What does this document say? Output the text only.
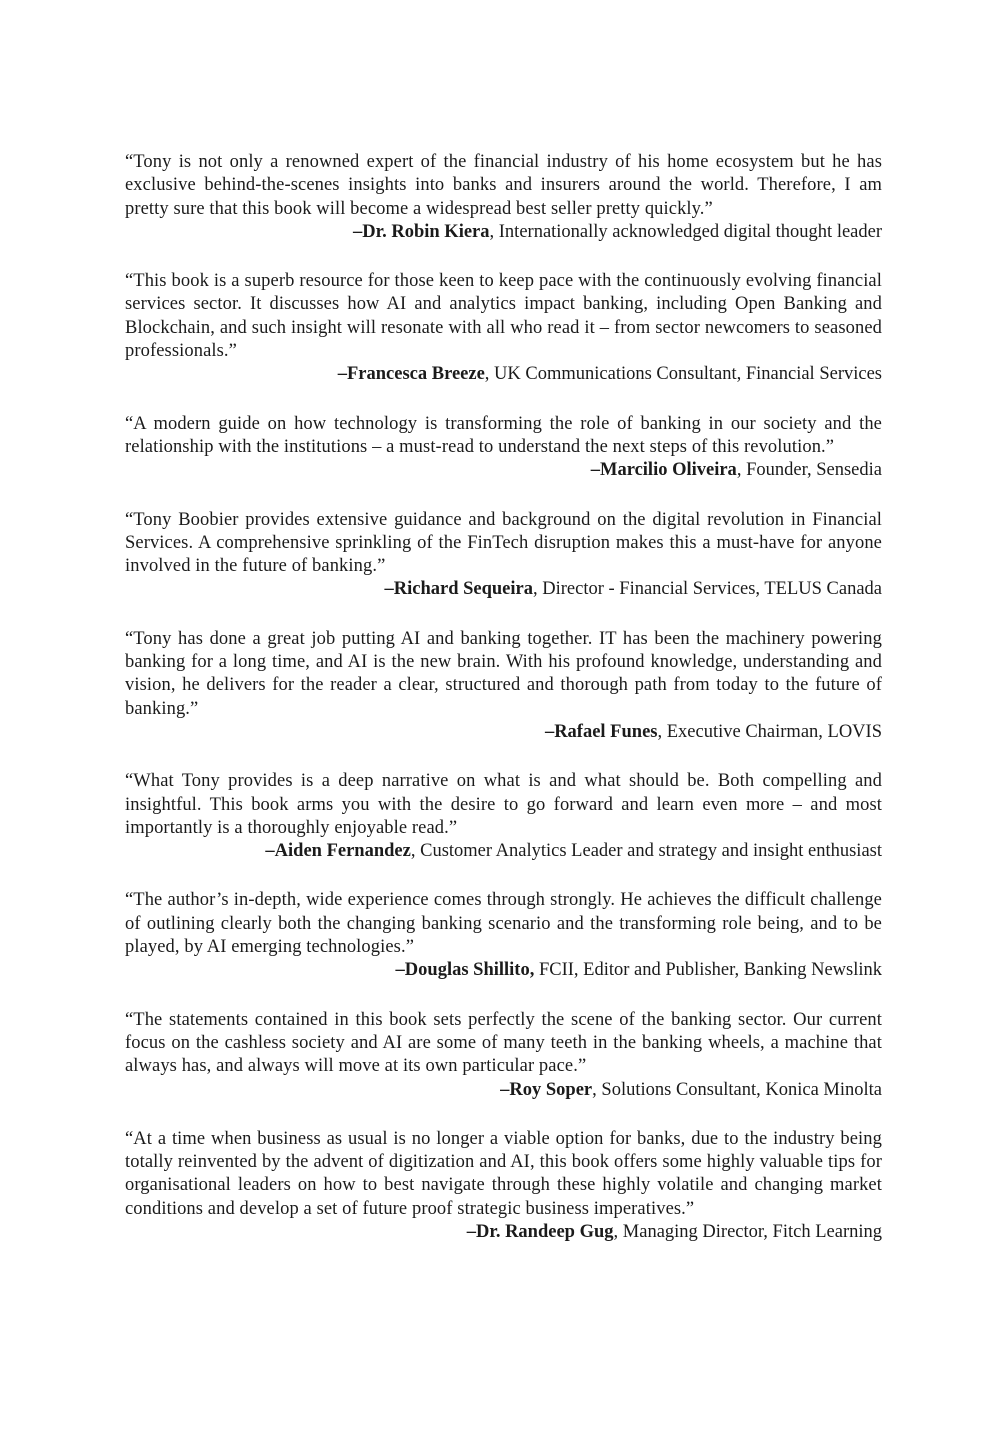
“Tony is not only a renowned expert of the financial industry of his home ecosystem but he has exclusive behind-the-scenes insights into banks and insurers around the world. Therefore, I am pretty sure that this book will become a widespread best seller pretty quickly.”

–Dr. Robin Kiera, Internationally acknowledged digital thought leader

“This book is a superb resource for those keen to keep pace with the continuously evolving financial services sector. It discusses how AI and analytics impact banking, including Open Banking and Blockchain, and such insight will resonate with all who read it – from sector newcomers to seasoned professionals.”

–Francesca Breeze, UK Communications Consultant, Financial Services

“A modern guide on how technology is transforming the role of banking in our society and the relationship with the institutions – a must-read to understand the next steps of this revolution.”

–Marcilio Oliveira, Founder, Sensedia

“Tony Boobier provides extensive guidance and background on the digital revolution in Financial Services. A comprehensive sprinkling of the FinTech disruption makes this a must-have for anyone involved in the future of banking.”

–Richard Sequeira, Director - Financial Services, TELUS Canada

“Tony has done a great job putting AI and banking together. IT has been the machinery powering banking for a long time, and AI is the new brain. With his profound knowledge, understanding and vision, he delivers for the reader a clear, structured and thorough path from today to the future of banking.”

–Rafael Funes, Executive Chairman, LOVIS

“What Tony provides is a deep narrative on what is and what should be. Both compelling and insightful. This book arms you with the desire to go forward and learn even more – and most importantly is a thoroughly enjoyable read.”

–Aiden Fernandez, Customer Analytics Leader and strategy and insight enthusiast

“The author’s in-depth, wide experience comes through strongly. He achieves the difficult challenge of outlining clearly both the changing banking scenario and the transforming role being, and to be played, by AI emerging technologies.”

–Douglas Shillito, FCII, Editor and Publisher, Banking Newslink

“The statements contained in this book sets perfectly the scene of the banking sector. Our current focus on the cashless society and AI are some of many teeth in the banking wheels, a machine that always has, and always will move at its own particular pace.”

–Roy Soper, Solutions Consultant, Konica Minolta

“At a time when business as usual is no longer a viable option for banks, due to the industry being totally reinvented by the advent of digitization and AI, this book offers some highly valuable tips for organisational leaders on how to best navigate through these highly volatile and changing market conditions and develop a set of future proof strategic business imperatives.”

–Dr. Randeep Gug, Managing Director, Fitch Learning
